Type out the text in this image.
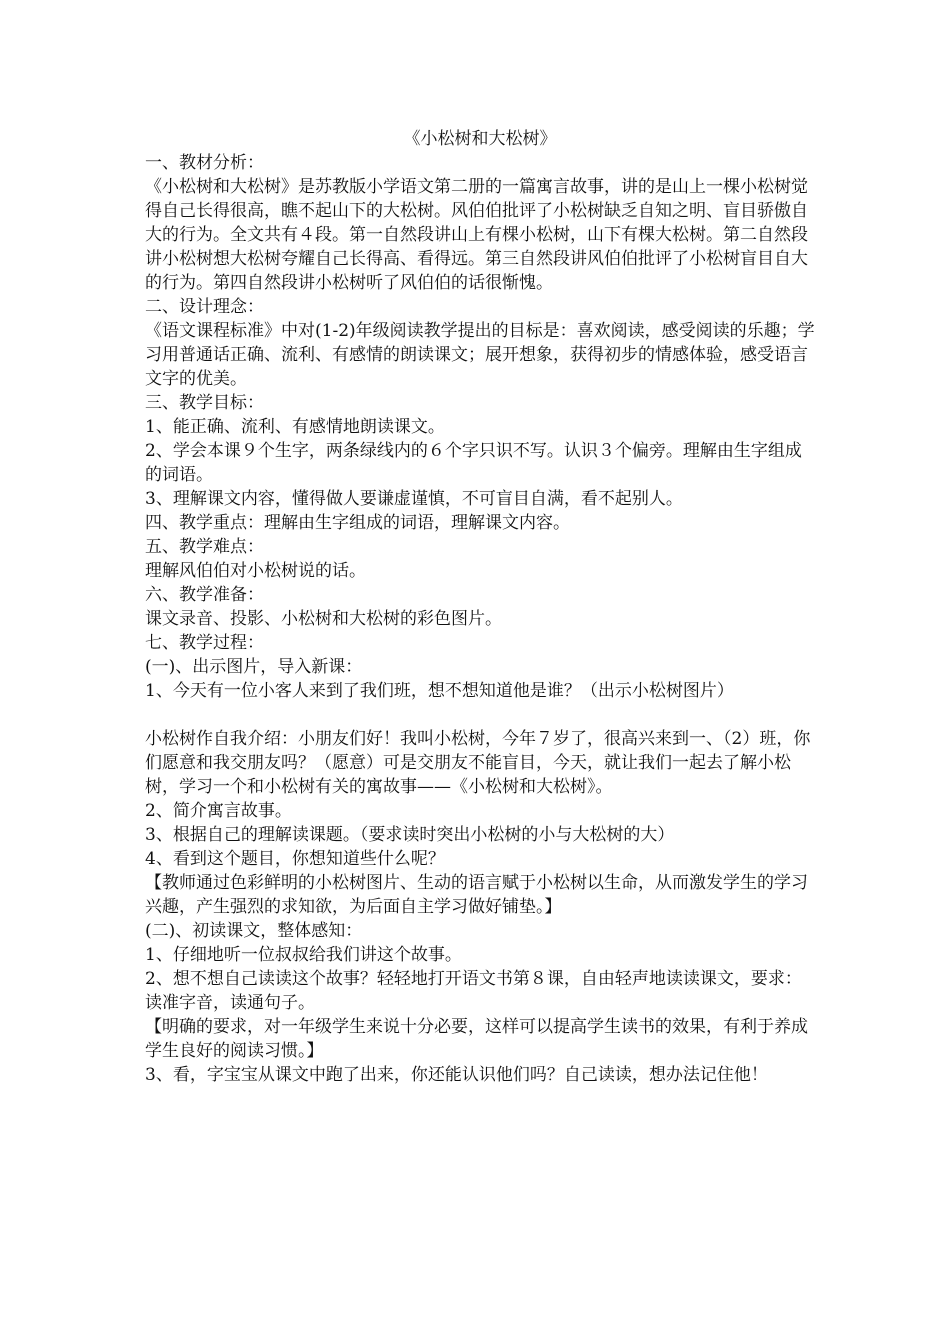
《小松树和大松树》

一、教材分析：

《小松树和大松树》是苏教版小学语文第二册的一篇寓言故事，讲的是山上一棵小松树觉得自己长得很高，瞧不起山下的大松树。风伯伯批评了小松树缺乏自知之明、盲目骄傲自大的行为。全文共有４段。第一自然段讲山上有棵小松树，山下有棵大松树。第二自然段讲小松树想大松树夸耀自己长得高、看得远。第三自然段讲风伯伯批评了小松树盲目自大的行为。第四自然段讲小松树听了风伯伯的话很惭愧。

二、设计理念：

《语文课程标准》中对(1-2)年级阅读教学提出的目标是：喜欢阅读，感受阅读的乐趣；学习用普通话正确、流利、有感情的朗读课文；展开想象，获得初步的情感体验，感受语言文字的优美。

三、教学目标：

1、能正确、流利、有感情地朗读课文。

2、学会本课９个生字，两条绿线内的６个字只识不写。认识３个偏旁。理解由生字组成的词语。

3、理解课文内容，懂得做人要谦虚谨慎，不可盲目自满，看不起别人。

四、教学重点：理解由生字组成的词语，理解课文内容。

五、教学难点：

理解风伯伯对小松树说的话。

六、教学准备：

课文录音、投影、小松树和大松树的彩色图片。

七、教学过程：

(一)、出示图片，导入新课：

1、今天有一位小客人来到了我们班，想不想知道他是谁？（出示小松树图片）

小松树作自我介绍：小朋友们好！我叫小松树，今年７岁了，很高兴来到一、（2）班，你们愿意和我交朋友吗？（愿意）可是交朋友不能盲目，今天，就让我们一起去了解小松树，学习一个和小松树有关的寓故事——《小松树和大松树》。

2、简介寓言故事。

3、根据自己的理解读课题。（要求读时突出小松树的小与大松树的大）

4、看到这个题目，你想知道些什么呢？

【教师通过色彩鲜明的小松树图片、生动的语言赋于小松树以生命，从而激发学生的学习兴趣，产生强烈的求知欲，为后面自主学习做好铺垫。】

(二)、初读课文，整体感知：

1、仔细地听一位叔叔给我们讲这个故事。

2、想不想自己读读这个故事？轻轻地打开语文书第８课，自由轻声地读读课文，要求：读准字音，读通句子。

【明确的要求，对一年级学生来说十分必要，这样可以提高学生读书的效果，有利于养成学生良好的阅读习惯。】

3、看，字宝宝从课文中跑了出来，你还能认识他们吗？自己读读，想办法记住他！
